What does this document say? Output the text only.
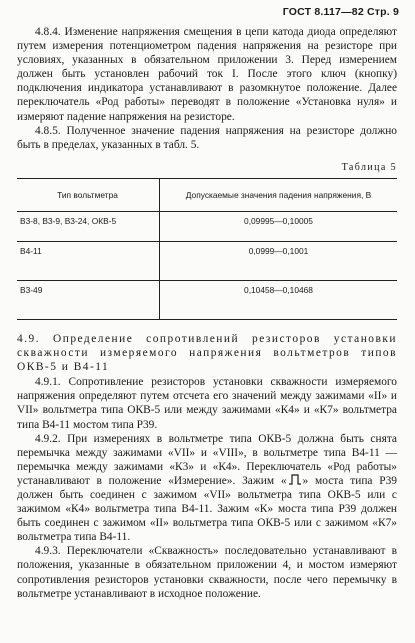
ГОСТ 8.117—82 Стр. 9

4.8.4. Изменение напряжения смещения в цепи катода диода определяют путем измерения потенциометром падения напряжения на резисторе при условиях, указанных в обязательном приложении 3. Перед измерением должен быть установлен рабочий ток I. После этого ключ (кнопку) подключения индикатора устанавливают в разомкнутое положение. Далее переключатель «Род работы» переводят в положение «Установка нуля» и измеряют падение напряжения на резисторе.

4.8.5. Полученное значение падения напряжения на резисторе должно быть в пределах, указанных в табл. 5.

Таблица 5
Тип вольтметра	Допускаемые значения падения напряжения, В
В3-8, В3-9, В3-24, ОКВ-5	0,09995—0,10005
В4-11	0,0999—0,1001
В3-49	0,10458—0,10468

4.9. Определение сопротивлений резисторов установки скважности измеряемого напряжения вольтметров типов ОКВ-5 и В4-11

4.9.1. Сопротивление резисторов установки скважности измеряемого напряжения определяют путем отсчета его значений между зажимами «II» и VII» вольтметра типа ОКВ-5 или между зажимами «К4» и «К7» вольтметра типа В4-11 мостом типа Р39.

4.9.2. При измерениях в вольтметре типа ОКВ-5 должна быть снята перемычка между зажимами «VII» и «VIII», в вольтметре типа В4-11 — перемычка между зажимами «К3» и «К4». Переключатель «Род работы» устанавливают в положение «Измерение». Зажим « » моста типа Р39 должен быть соединен с зажимом «VII» вольтметра типа ОКВ-5 или с зажимом «К4» вольтметра типа В4-11. Зажим «К» моста типа Р39 должен быть соединен с зажимом «II» вольтметра типа ОКВ-5 или с зажимом «К7» вольтметра типа В4-11.

4.9.3. Переключатели «Скважность» последовательно устанавливают в положения, указанные в обязательном приложении 4, и мостом измеряют сопротивления резисторов установки скважности, после чего перемычку в вольтметре устанавливают в исходное положение.
